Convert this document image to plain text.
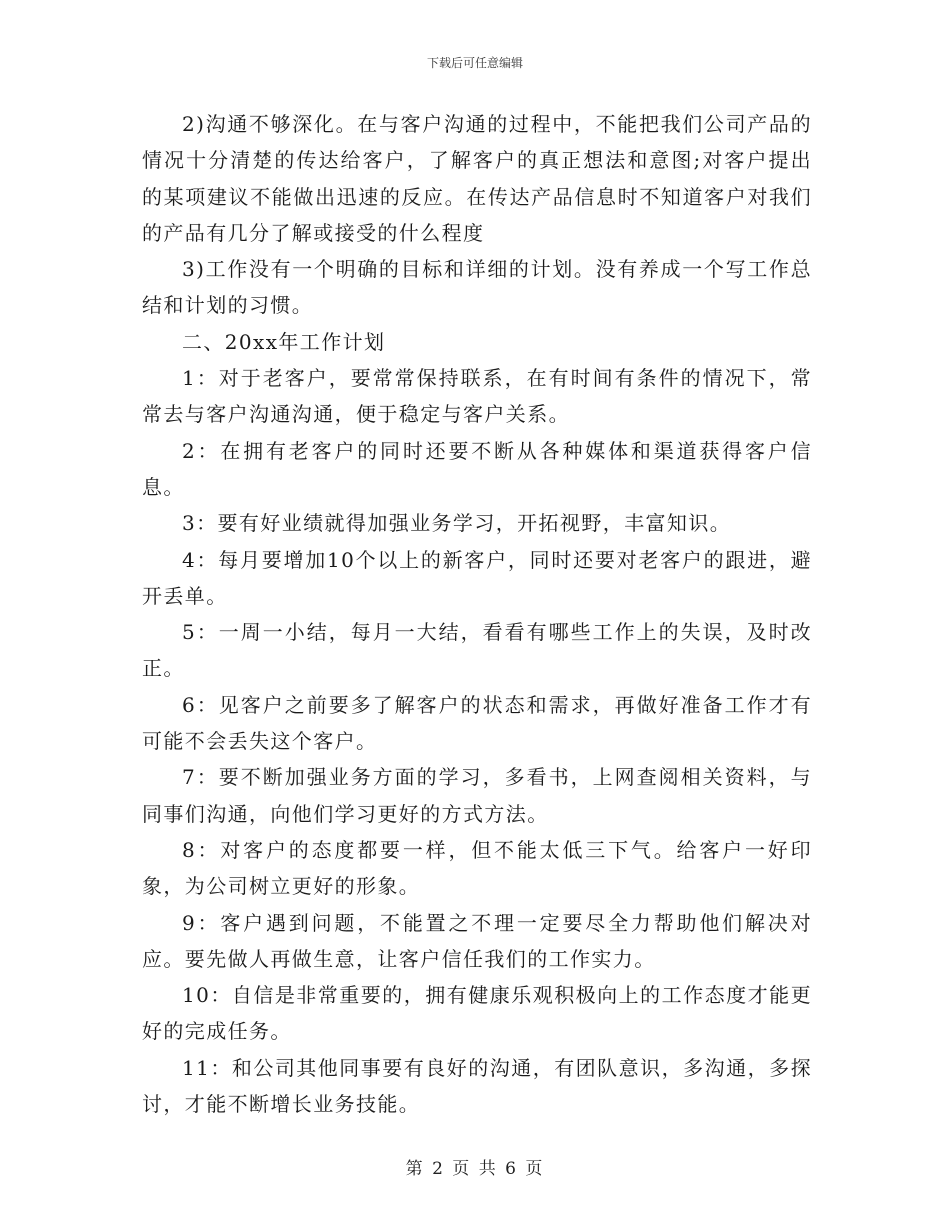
下载后可任意编辑

2)沟通不够深化。在与客户沟通的过程中，不能把我们公司产品的情况十分清楚的传达给客户，了解客户的真正想法和意图;对客户提出的某项建议不能做出迅速的反应。在传达产品信息时不知道客户对我们的产品有几分了解或接受的什么程度

3)工作没有一个明确的目标和详细的计划。没有养成一个写工作总结和计划的习惯。

二、20xx年工作计划

1：对于老客户，要常常保持联系，在有时间有条件的情况下，常常去与客户沟通沟通，便于稳定与客户关系。

2：在拥有老客户的同时还要不断从各种媒体和渠道获得客户信息。

3：要有好业绩就得加强业务学习，开拓视野，丰富知识。

4：每月要增加10个以上的新客户，同时还要对老客户的跟进，避开丢单。

5：一周一小结，每月一大结，看看有哪些工作上的失误，及时改正。

6：见客户之前要多了解客户的状态和需求，再做好准备工作才有可能不会丢失这个客户。

7：要不断加强业务方面的学习，多看书，上网查阅相关资料，与同事们沟通，向他们学习更好的方式方法。

8：对客户的态度都要一样，但不能太低三下气。给客户一好印象，为公司树立更好的形象。

9：客户遇到问题，不能置之不理一定要尽全力帮助他们解决对应。要先做人再做生意，让客户信任我们的工作实力。

10：自信是非常重要的，拥有健康乐观积极向上的工作态度才能更好的完成任务。

11：和公司其他同事要有良好的沟通，有团队意识，多沟通，多探讨，才能不断增长业务技能。

第 2 页 共 6 页
